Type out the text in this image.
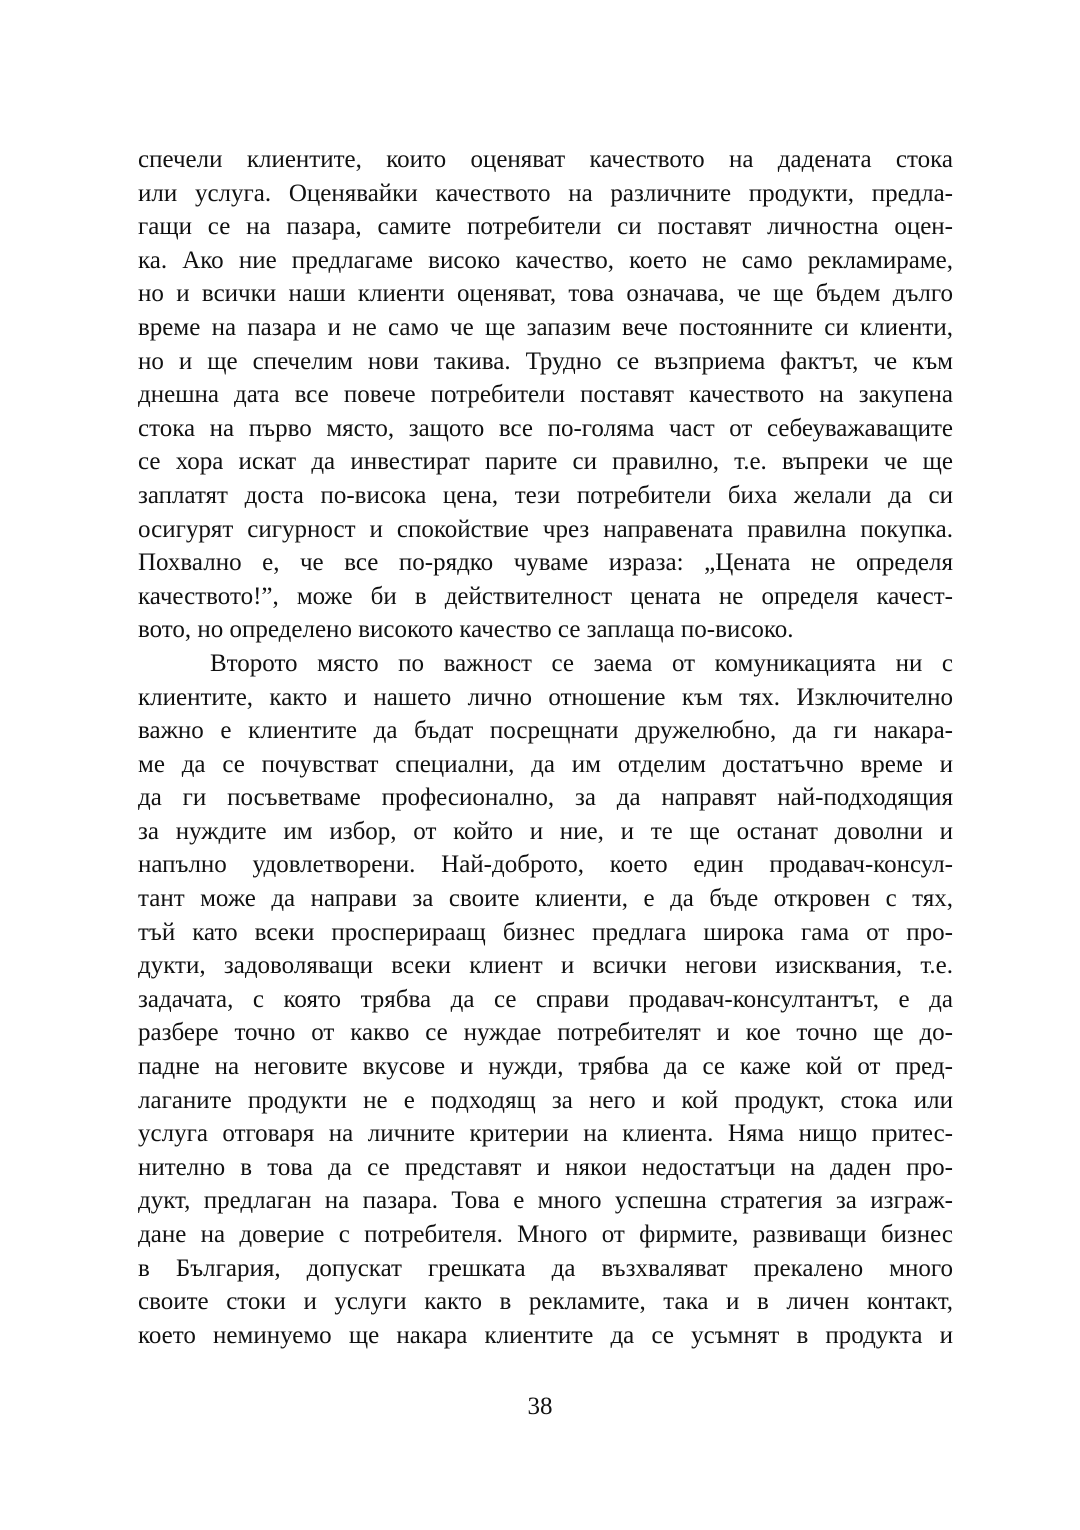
спечели клиентите, които оценяват качеството на дадената стока
или услуга. Оценявайки качеството на различните продукти, предла-
гащи се на пазара, самите потребители си поставят личностна оцен-
ка. Ако ние предлагаме високо качество, което не само рекламираме,
но и всички наши клиенти оценяват, това означава, че ще бъдем дълго
време на пазара и не само че ще запазим вече постоянните си клиенти,
но и ще спечелим нови такива. Трудно се възприема фактът, че към
днешна дата все повече потребители поставят качеството на закупена
стока на първо място, защото все по-голяма част от себеуважаващите
се хора искат да инвестират парите си правилно, т.е. въпреки че ще
заплатят доста по-висока цена, тези потребители биха желали да си
осигурят сигурност и спокойствие чрез направената правилна покупка.
Похвално е, че все по-рядко чуваме израза: „Цената не определя
качеството!”, може би в действителност цената не определя качест-
вото, но определено високото качество се заплаща по-високо.
Второто място по важност се заема от комуникацията ни с
клиентите, както и нашето лично отношение към тях. Изключително
важно е клиентите да бъдат посрещнати дружелюбно, да ги накара-
ме да се почувстват специални, да им отделим достатъчно време и
да ги посъветваме професионално, за да направят най-подходящия
за нуждите им избор, от който и ние, и те ще останат доволни и
напълно удовлетворени. Най-доброто, което един продавач-консул-
тант може да направи за своите клиенти, е да бъде откровен с тях,
тъй като всеки просперираащ бизнес предлага широка гама от про-
дукти, задоволяващи всеки клиент и всички негови изисквания, т.е.
задачата, с която трябва да се справи продавач-консултантът, е да
разбере точно от какво се нуждае потребителят и кое точно ще до-
падне на неговите вкусове и нужди, трябва да се каже кой от пред-
лаганите продукти не е подходящ за него и кой продукт, стока или
услуга отговаря на личните критерии на клиента. Няма нищо притес-
нително в това да се представят и някои недостатъци на даден про-
дукт, предлаган на пазара. Това е много успешна стратегия за изграж-
дане на доверие с потребителя. Много от фирмите, развиващи бизнес
в България, допускат грешката да възхваляват прекалено много
своите стоки и услуги както в рекламите, така и в личен контакт,
което неминуемо ще накара клиентите да се усъмнят в продукта и
38
